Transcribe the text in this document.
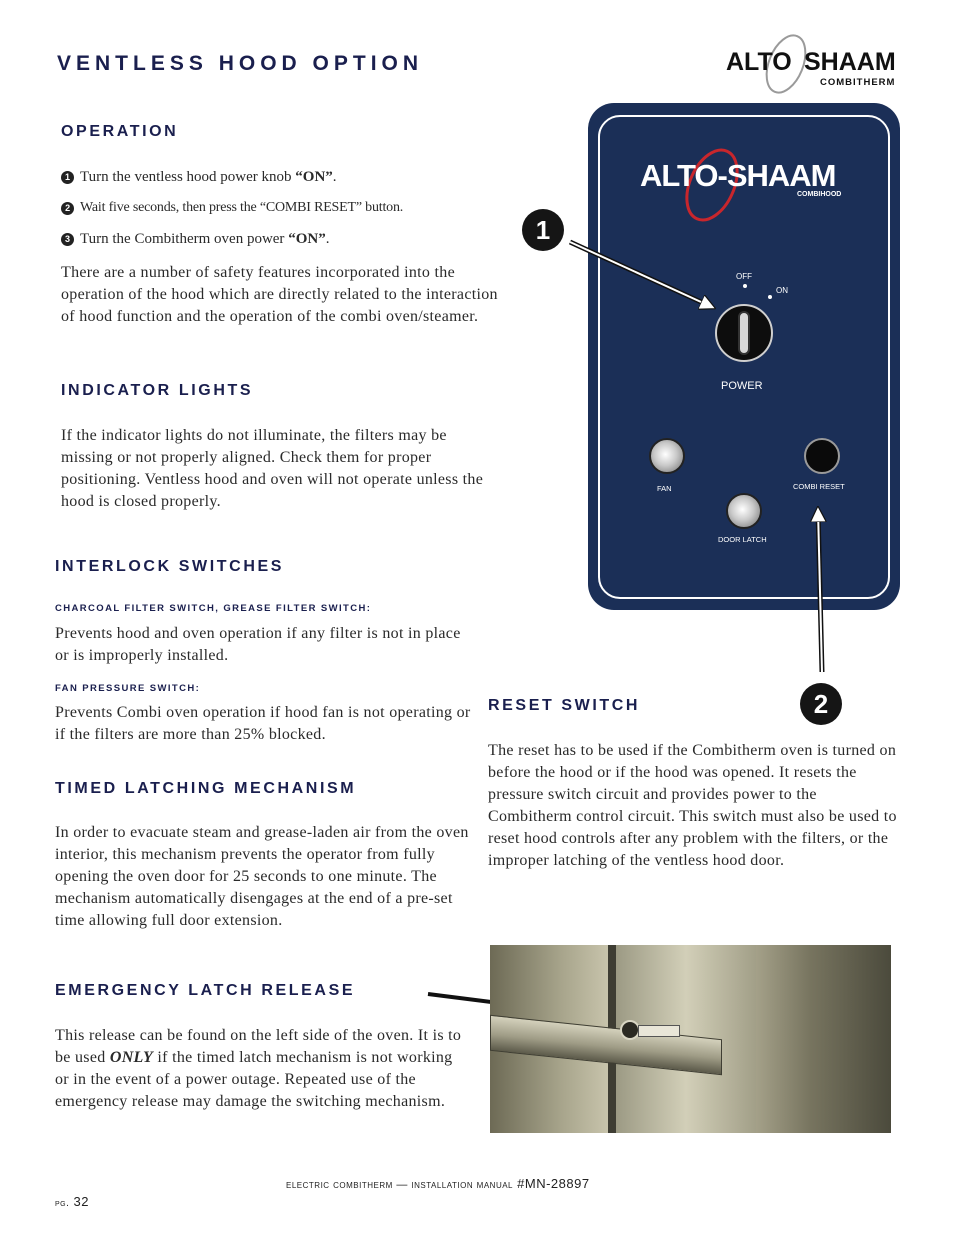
VENTLESS HOOD OPTION	ALTO SHAAM
COMBITHERM
OPERATION
1 Turn the ventless hood power knob “ON”.
2 Wait five seconds, then press the “COMBI RESET” button.
3 Turn the Combitherm oven power “ON”.

There are a number of safety features incorporated into the operation of the hood which are directly related to the interaction of hood function and the operation of the combi oven/steamer.

INDICATOR LIGHTS

If the indicator lights do not illuminate, the filters may be missing or not properly aligned. Check them for proper positioning. Ventless hood and oven will not operate unless the hood is closed properly.

INTERLOCK SWITCHES
CHARCOAL FILTER SWITCH, GREASE FILTER SWITCH:

Prevents hood and oven operation if any filter is not in place or is improperly installed.

FAN PRESSURE SWITCH:

Prevents Combi oven operation if hood fan is not operating or if the filters are more than 25% blocked.

TIMED LATCHING MECHANISM

In order to evacuate steam and grease-laden air from the oven interior, this mechanism prevents the operator from fully opening the oven door for 25 seconds to one minute. The mechanism automatically disengages at the end of a pre-set time allowing full door extension.

EMERGENCY LATCH RELEASE

This release can be found on the left side of the oven. It is to be used ONLY if the timed latch mechanism is not working or in the event of a power outage. Repeated use of the emergency release may damage the switching mechanism.

RESET SWITCH

The reset has to be used if the Combitherm oven is turned on before the hood or if the hood was opened. It resets the pressure switch circuit and provides power to the Combitherm control circuit. This switch must also be used to reset hood controls after any problem with the filters, or the improper latching of the ventless hood door.

ALTO-SHAAM
COMBIHOOD
OFF
ON
POWER
FAN	COMBI RESET
DOOR LATCH
1
2
electric combitherm — installation manual #MN-28897
pg. 32
